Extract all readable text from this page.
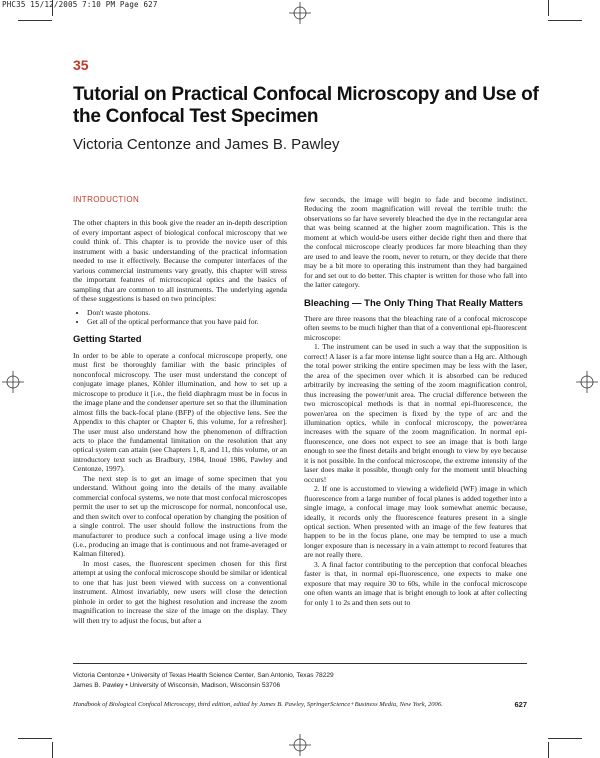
PHC35 15/12/2005 7:10 PM Page 627
35
Tutorial on Practical Confocal Microscopy and Use of the Confocal Test Specimen
Victoria Centonze and James B. Pawley
INTRODUCTION

The other chapters in this book give the reader an in-depth description of every important aspect of biological confocal microscopy that we could think of. This chapter is to provide the novice user of this instrument with a basic understanding of the practical information needed to use it effectively. Because the computer interfaces of the various commercial instruments vary greatly, this chapter will stress the important features of microscopical optics and the basics of sampling that are common to all instruments. The underlying agenda of these suggestions is based on two principles:

• Don't waste photons.
• Get all of the optical performance that you have paid for.
Getting Started

In order to be able to operate a confocal microscope properly, one must first be thoroughly familiar with the basic principles of nonconfocal microscopy. The user must understand the concept of conjugate image planes, Köhler illumination, and how to set up a microscope to produce it [i.e., the field diaphragm must be in focus in the image plane and the condenser aperture set so that the illumination almost fills the back-focal plane (BFP) of the objective lens. See the Appendix to this chapter or Chapter 6, this volume, for a refresher]. The user must also understand how the phenomenon of diffraction acts to place the fundamental limitation on the resolution that any optical system can attain (see Chapters 1, 8, and 11, this volume, or an introductory text such as Bradbury, 1984, Inoué 1986, Pawley and Centonze, 1997).

The next step is to get an image of some specimen that you understand. Without going into the details of the many available commercial confocal systems, we note that most confocal microscopes permit the user to set up the microscope for normal, nonconfocal use, and then switch over to confocal operation by changing the position of a single control. The user should follow the instructions from the manufacturer to produce such a confocal image using a live mode (i.e., producing an image that is continuous and not frame-averaged or Kalman filtered).

In most cases, the fluorescent specimen chosen for this first attempt at using the confocal microscope should be similar or identical to one that has just been viewed with success on a conventional instrument. Almost invariably, new users will close the detection pinhole in order to get the highest resolution and increase the zoom magnification to increase the size of the image on the display. They will then try to adjust the focus, but after a

few seconds, the image will begin to fade and become indistinct. Reducing the zoom magnification will reveal the terrible truth: the observations so far have severely bleached the dye in the rectangular area that was being scanned at the higher zoom magnification. This is the moment at which would-be users either decide right then and there that the confocal microscope clearly produces far more bleaching than they are used to and leave the room, never to return, or they decide that there may be a bit more to operating this instrument than they had bargained for and set out to do better. This chapter is written for those who fall into the latter category.

Bleaching — The Only Thing That Really Matters

There are three reasons that the bleaching rate of a confocal microscope often seems to be much higher than that of a conventional epi-fluorescent microscope:

1. The instrument can be used in such a way that the supposition is correct! A laser is a far more intense light source than a Hg arc. Although the total power striking the entire specimen may be less with the laser, the area of the specimen over which it is absorbed can be reduced arbitrarily by increasing the setting of the zoom magnification control, thus increasing the power/unit area. The crucial difference between the two microscopical methods is that in normal epi-fluorescence, the power/area on the specimen is fixed by the type of arc and the illumination optics, while in confocal microscopy, the power/area increases with the square of the zoom magnification. In normal epi-fluorescence, one does not expect to see an image that is both large enough to see the finest details and bright enough to view by eye because it is not possible. In the confocal microscope, the extreme intensity of the laser does make it possible, though only for the moment until bleaching occurs!

2. If one is accustomed to viewing a widefield (WF) image in which fluorescence from a large number of focal planes is added together into a single image, a confocal image may look somewhat anemic because, ideally, it records only the fluorescence features present in a single optical section. When presented with an image of the few features that happen to be in the focus plane, one may be tempted to use a much longer exposure than is necessary in a vain attempt to record features that are not really there.

3. A final factor contributing to the perception that confocal bleaches faster is that, in normal epi-fluorescence, one expects to make one exposure that may require 30 to 60s, while in the confocal microscope one often wants an image that is bright enough to look at after collecting for only 1 to 2s and then sets out to

Victoria Centonze • University of Texas Health Science Center, San Antonio, Texas 78229
James B. Pawley • University of Wisconsin, Madison, Wisconsin 53706
Handbook of Biological Confocal Microscopy, third edition, edited by James B. Pawley, SpringerScience+Business Media, New York, 2006.	627
